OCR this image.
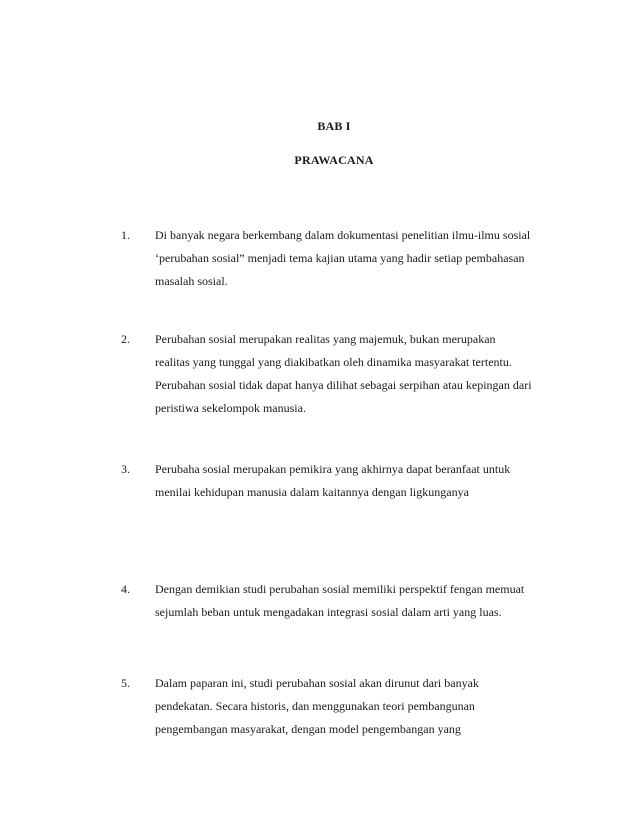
BAB I
PRAWACANA
1.	Di banyak negara berkembang dalam dokumentasi penelitian ilmu-ilmu sosial
‘perubahan sosial” menjadi tema kajian utama yang hadir setiap pembahasan
masalah sosial.
2.	Perubahan sosial merupakan realitas yang majemuk, bukan merupakan
realitas yang tunggal yang diakibatkan oleh dinamika masyarakat tertentu.
Perubahan sosial tidak dapat hanya dilihat sebagai serpihan atau kepingan dari
peristiwa sekelompok manusia.
3.	Perubaha sosial merupakan pemikira yang akhirnya dapat beranfaat untuk
menilai kehidupan manusia dalam kaitannya dengan ligkunganya
4.	Dengan demikian studi perubahan sosial memiliki perspektif fengan memuat
sejumlah beban untuk mengadakan integrasi sosial dalam arti yang luas.
5.	Dalam paparan ini, studi perubahan sosial akan dirunut dari banyak
pendekatan. Secara historis, dan menggunakan teori pembangunan
pengembangan masyarakat, dengan model pengembangan yang
